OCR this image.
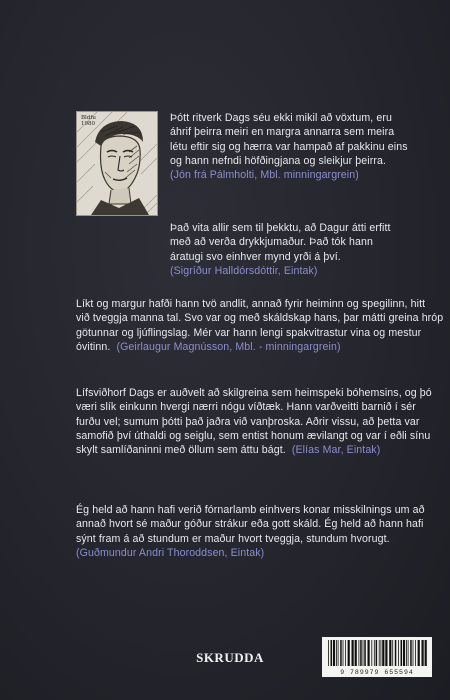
Bldfu 1980	Þótt ritverk Dags séu ekki mikil að vöxtum, eru
áhrif þeirra meiri en margra annarra sem meira
létu eftir sig og hærra var hampað af pakkinu eins
og hann nefndi höfðingjana og sleikjur þeirra.
(Jón frá Pálmholti, Mbl. minningargrein)
Það vita allir sem til þekktu, að Dagur átti erfitt
með að verða drykkjumaður. Það tók hann
áratugi svo einhver mynd yrði á því.
(Sigríður Halldórsdóttir, Eintak)
Líkt og margur hafði hann tvö andlit, annað fyrir heiminn og spegilinn, hitt
við tveggja manna tal. Svo var og með skáldskap hans, þar mátti greina hróp
götunnar og ljúflingslag. Mér var hann lengi spakvitrastur vina og mestur
óvitinn. (Geirlaugur Magnússon, Mbl. - minningargrein)
Lífsviðhorf Dags er auðvelt að skilgreina sem heimspeki bóhemsins, og þó
væri slík einkunn hvergi nærri nógu víðtæk. Hann varðveitti barnið í sér
furðu vel; sumum þótti það jaðra við vanþroska. Aðrir vissu, að þetta var
samofið því úthaldi og seiglu, sem entist honum ævilangt og var í eðli sínu
skylt samlíðaninni með öllum sem áttu bágt. (Elías Mar, Eintak)
Ég held að hann hafi verið fórnarlamb einhvers konar misskilnings um að
annað hvort sé maður góður strákur eða gott skáld. Ég held að hann hafi
sýnt fram á að stundum er maður hvort tveggja, stundum hvorugt.
(Guðmundur Andri Thoroddsen, Eintak)
SKRUDDA
9 789979 655594
